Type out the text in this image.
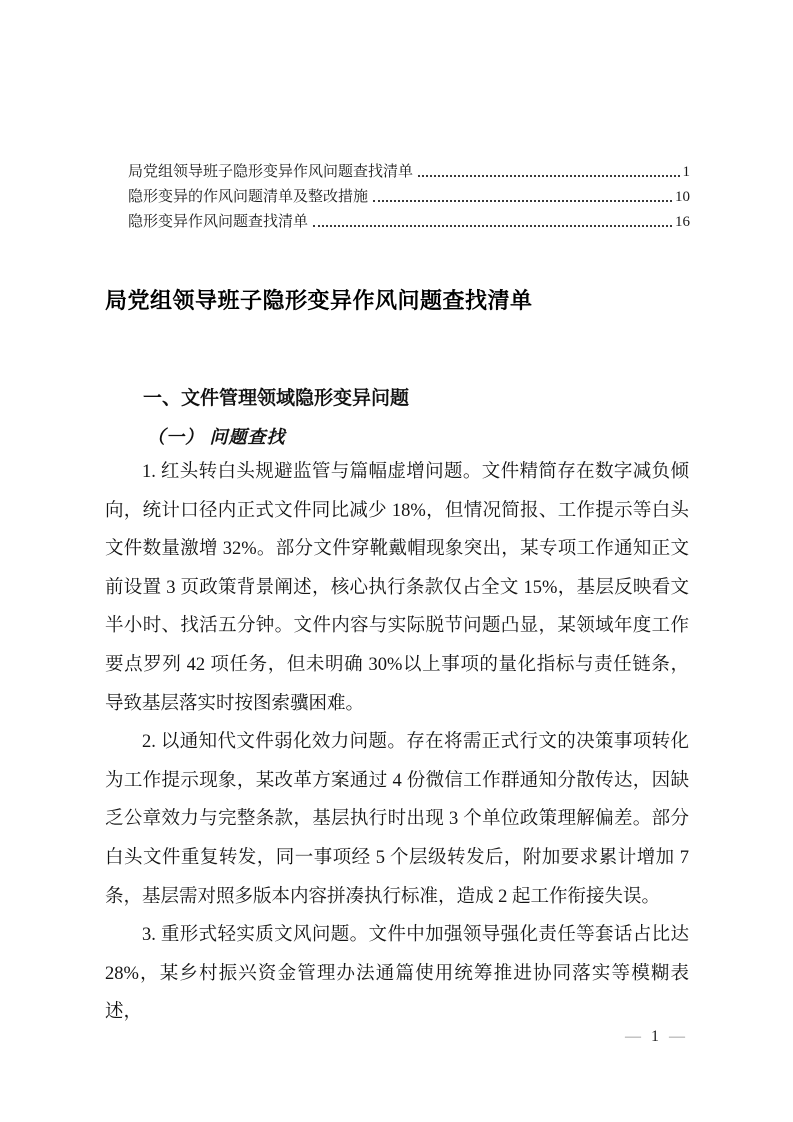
局党组领导班子隐形变异作风问题查找清单	1
隐形变异的作风问题清单及整改措施	10
隐形变异作风问题查找清单	16
局党组领导班子隐形变异作风问题查找清单
一、文件管理领域隐形变异问题
（一） 问题查找

1. 红头转白头规避监管与篇幅虚增问题。文件精简存在数字减负倾向，统计口径内正式文件同比减少 18%，但情况简报、工作提示等白头文件数量激增 32%。部分文件穿靴戴帽现象突出，某专项工作通知正文前设置 3 页政策背景阐述，核心执行条款仅占全文 15%，基层反映看文半小时、找活五分钟。文件内容与实际脱节问题凸显，某领域年度工作要点罗列 42 项任务，但未明确 30%以上事项的量化指标与责任链条，导致基层落实时按图索骥困难。

2. 以通知代文件弱化效力问题。存在将需正式行文的决策事项转化为工作提示现象，某改革方案通过 4 份微信工作群通知分散传达，因缺乏公章效力与完整条款，基层执行时出现 3 个单位政策理解偏差。部分白头文件重复转发，同一事项经 5 个层级转发后，附加要求累计增加 7 条，基层需对照多版本内容拼凑执行标准，造成 2 起工作衔接失误。

3. 重形式轻实质文风问题。文件中加强领导强化责任等套话占比达 28%，某乡村振兴资金管理办法通篇使用统筹推进协同落实等模糊表述，

— 1 —
